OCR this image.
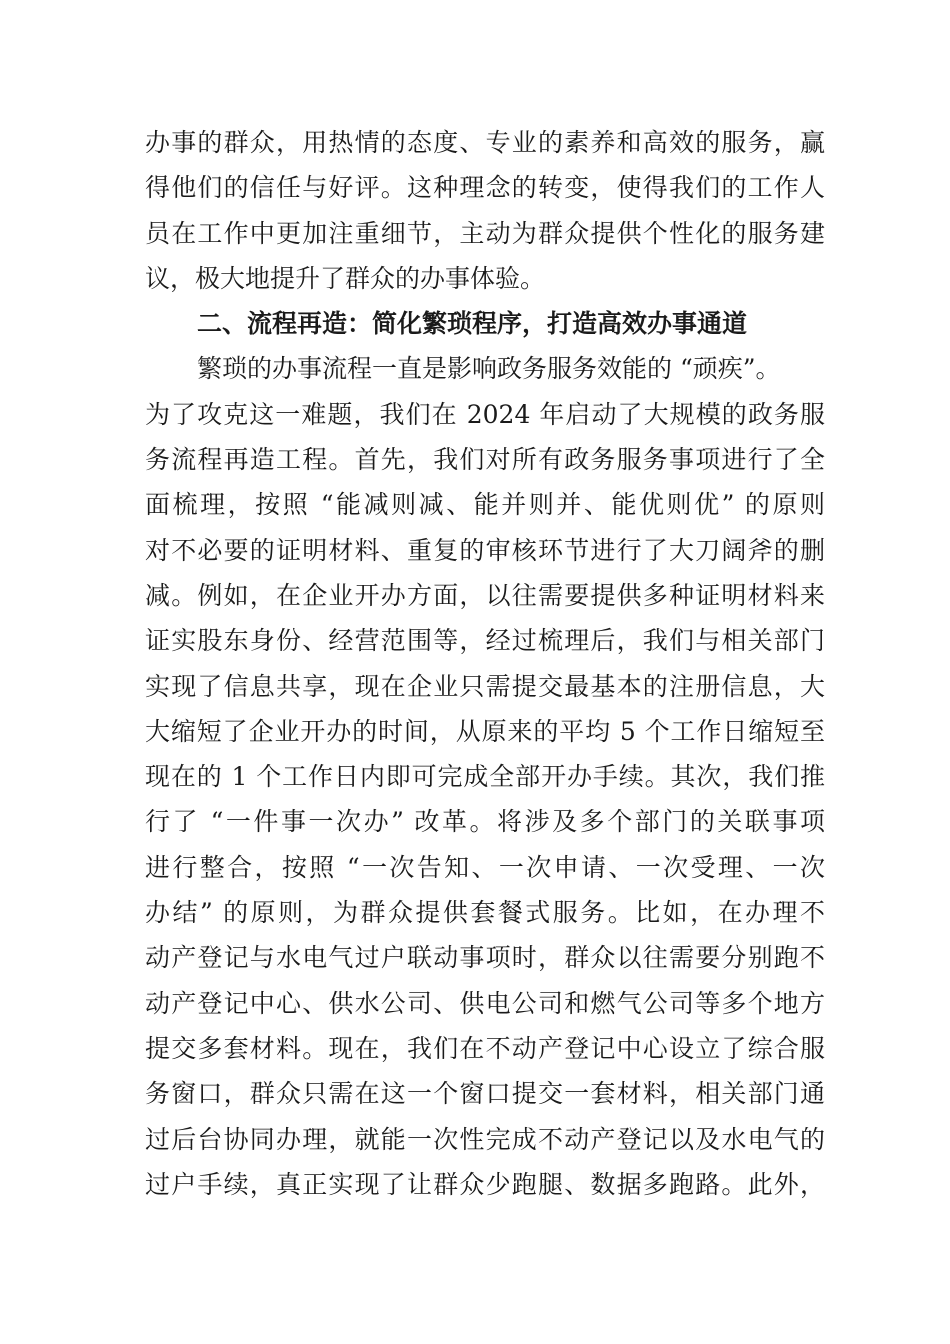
办事的群众，用热情的态度、专业的素养和高效的服务，赢
得他们的信任与好评。这种理念的转变，使得我们的工作人
员在工作中更加注重细节，主动为群众提供个性化的服务建
议，极大地提升了群众的办事体验。
二、流程再造：简化繁琐程序，打造高效办事通道
繁琐的办事流程一直是影响政务服务效能的 “顽疾”。
为了攻克这一难题，我们在 2024 年启动了大规模的政务服
务流程再造工程。首先，我们对所有政务服务事项进行了全
面梳理，按照 “能减则减、能并则并、能优则优” 的原则
对不必要的证明材料、重复的审核环节进行了大刀阔斧的删
减。例如，在企业开办方面，以往需要提供多种证明材料来
证实股东身份、经营范围等，经过梳理后，我们与相关部门
实现了信息共享，现在企业只需提交最基本的注册信息，大
大缩短了企业开办的时间，从原来的平均 5 个工作日缩短至
现在的 1 个工作日内即可完成全部开办手续。其次，我们推
行了 “一件事一次办” 改革。将涉及多个部门的关联事项
进行整合，按照 “一次告知、一次申请、一次受理、一次
办结” 的原则，为群众提供套餐式服务。比如，在办理不
动产登记与水电气过户联动事项时，群众以往需要分别跑不
动产登记中心、供水公司、供电公司和燃气公司等多个地方
提交多套材料。现在，我们在不动产登记中心设立了综合服
务窗口，群众只需在这一个窗口提交一套材料，相关部门通
过后台协同办理，就能一次性完成不动产登记以及水电气的
过户手续，真正实现了让群众少跑腿、数据多跑路。此外，
